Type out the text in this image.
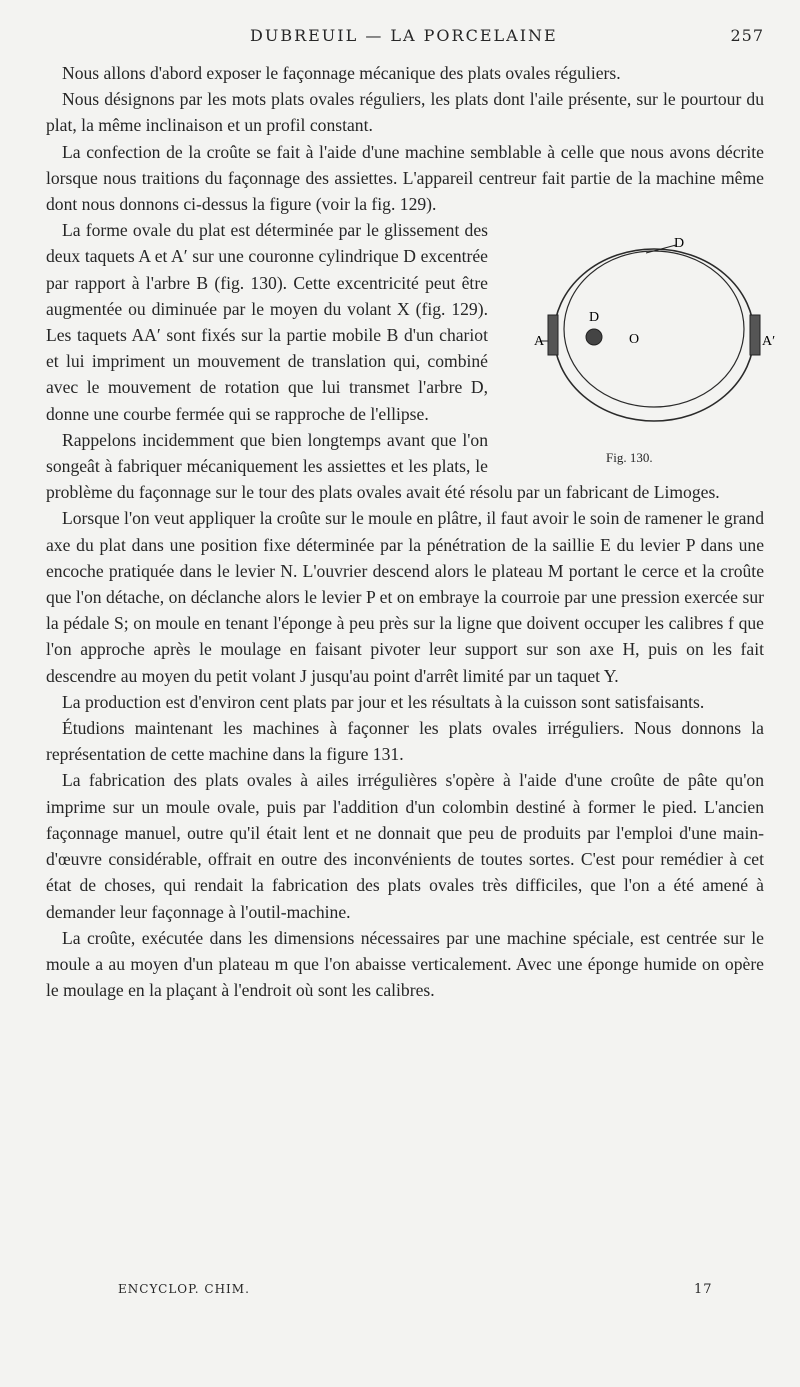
DUBREUIL — LA PORCELAINE	257

Nous allons d'abord exposer le façonnage mécanique des plats ovales réguliers.

Nous désignons par les mots plats ovales réguliers, les plats dont l'aile présente, sur le pourtour du plat, la même inclinaison et un profil constant.

La confection de la croûte se fait à l'aide d'une machine semblable à celle que nous avons décrite lorsque nous traitions du façonnage des assiettes. L'appareil centreur fait partie de la machine même dont nous donnons ci-dessus la figure (voir la fig. 129).

D
D
O
A	A′
Fig. 130.

La forme ovale du plat est déterminée par le glissement des deux taquets A et A′ sur une couronne cylindrique D excentrée par rapport à l'arbre B (fig. 130). Cette excentricité peut être augmentée ou diminuée par le moyen du volant X (fig. 129). Les taquets AA′ sont fixés sur la partie mobile B d'un chariot et lui impriment un mouvement de translation qui, combiné avec le mouvement de rotation que lui transmet l'arbre D, donne une courbe fermée qui se rapproche de l'ellipse.

Rappelons incidemment que bien longtemps avant que l'on songeât à fabriquer mécaniquement les assiettes et les plats, le problème du façonnage sur le tour des plats ovales avait été résolu par un fabricant de Limoges.

Lorsque l'on veut appliquer la croûte sur le moule en plâtre, il faut avoir le soin de ramener le grand axe du plat dans une position fixe déterminée par la pénétration de la saillie E du levier P dans une encoche pratiquée dans le levier N. L'ouvrier descend alors le plateau M portant le cerce et la croûte que l'on détache, on déclanche alors le levier P et on embraye la courroie par une pression exercée sur la pédale S; on moule en tenant l'éponge à peu près sur la ligne que doivent occuper les calibres f que l'on approche après le moulage en faisant pivoter leur support sur son axe H, puis on les fait descendre au moyen du petit volant J jusqu'au point d'arrêt limité par un taquet Y.

La production est d'environ cent plats par jour et les résultats à la cuisson sont satisfaisants.

Étudions maintenant les machines à façonner les plats ovales irréguliers. Nous donnons la représentation de cette machine dans la figure 131.

La fabrication des plats ovales à ailes irrégulières s'opère à l'aide d'une croûte de pâte qu'on imprime sur un moule ovale, puis par l'addition d'un colombin destiné à former le pied. L'ancien façonnage manuel, outre qu'il était lent et ne donnait que peu de produits par l'emploi d'une main-d'œuvre considérable, offrait en outre des inconvénients de toutes sortes. C'est pour remédier à cet état de choses, qui rendait la fabrication des plats ovales très difficiles, que l'on a été amené à demander leur façonnage à l'outil-machine.

La croûte, exécutée dans les dimensions nécessaires par une machine spéciale, est centrée sur le moule a au moyen d'un plateau m que l'on abaisse verticalement. Avec une éponge humide on opère le moulage en la plaçant à l'endroit où sont les calibres.

ENCYCLOP. CHIM.	17
